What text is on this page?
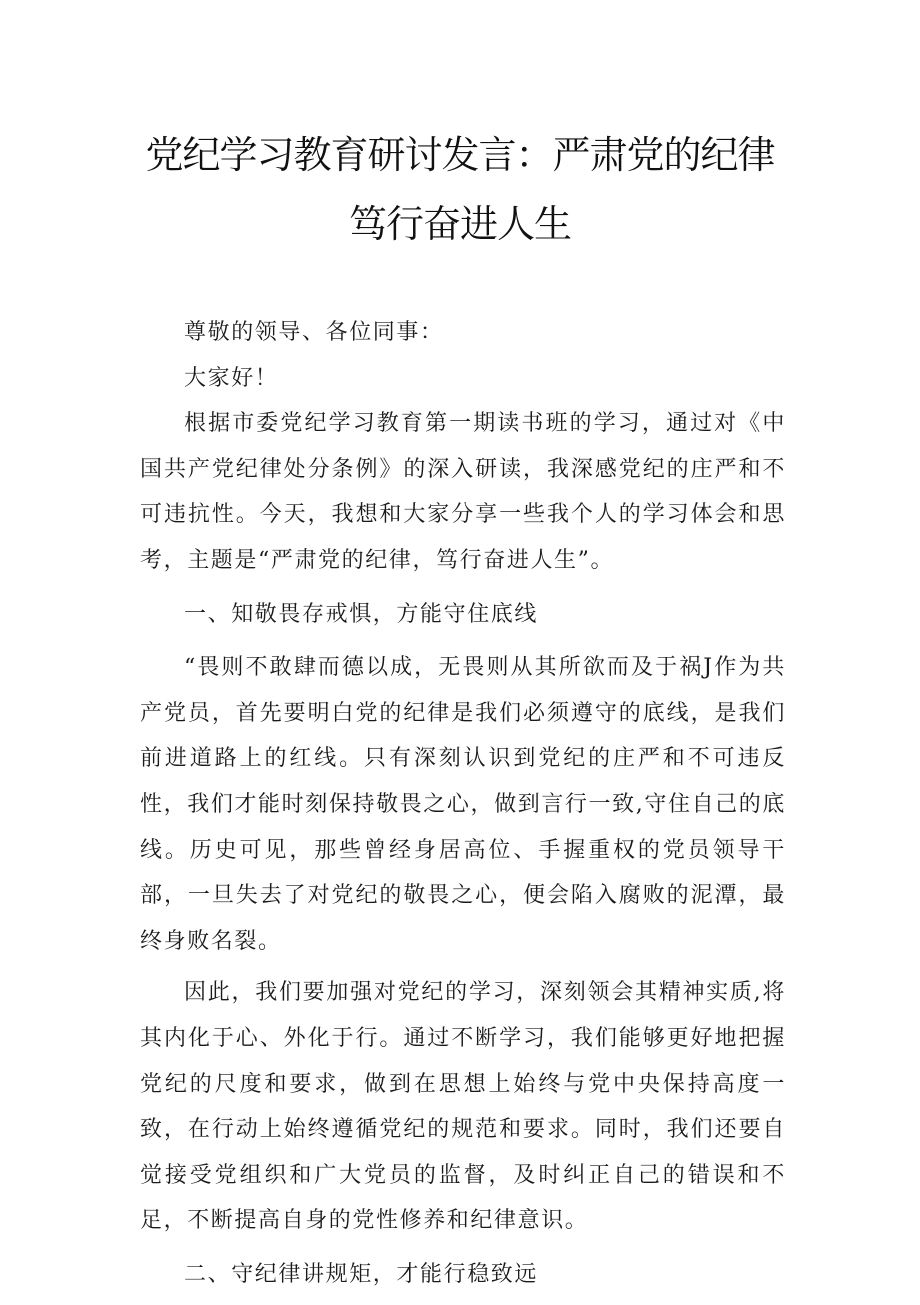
党纪学习教育研讨发言：严肃党的纪律
笃行奋进人生

尊敬的领导、各位同事：

大家好！

根据市委党纪学习教育第一期读书班的学习，通过对《中国共产党纪律处分条例》的深入研读，我深感党纪的庄严和不可违抗性。今天，我想和大家分享一些我个人的学习体会和思考，主题是“严肃党的纪律，笃行奋进人生”。

一、知敬畏存戒惧，方能守住底线

“畏则不敢肆而德以成，无畏则从其所欲而及于祸J作为共产党员，首先要明白党的纪律是我们必须遵守的底线，是我们前进道路上的红线。只有深刻认识到党纪的庄严和不可违反性，我们才能时刻保持敬畏之心，做到言行一致,守住自己的底线。历史可见，那些曾经身居高位、手握重权的党员领导干部，一旦失去了对党纪的敬畏之心，便会陷入腐败的泥潭，最终身败名裂。

因此，我们要加强对党纪的学习，深刻领会其精神实质,将其内化于心、外化于行。通过不断学习，我们能够更好地把握党纪的尺度和要求，做到在思想上始终与党中央保持高度一致，在行动上始终遵循党纪的规范和要求。同时，我们还要自觉接受党组织和广大党员的监督，及时纠正自己的错误和不足，不断提高自身的党性修养和纪律意识。

二、守纪律讲规矩，才能行稳致远
